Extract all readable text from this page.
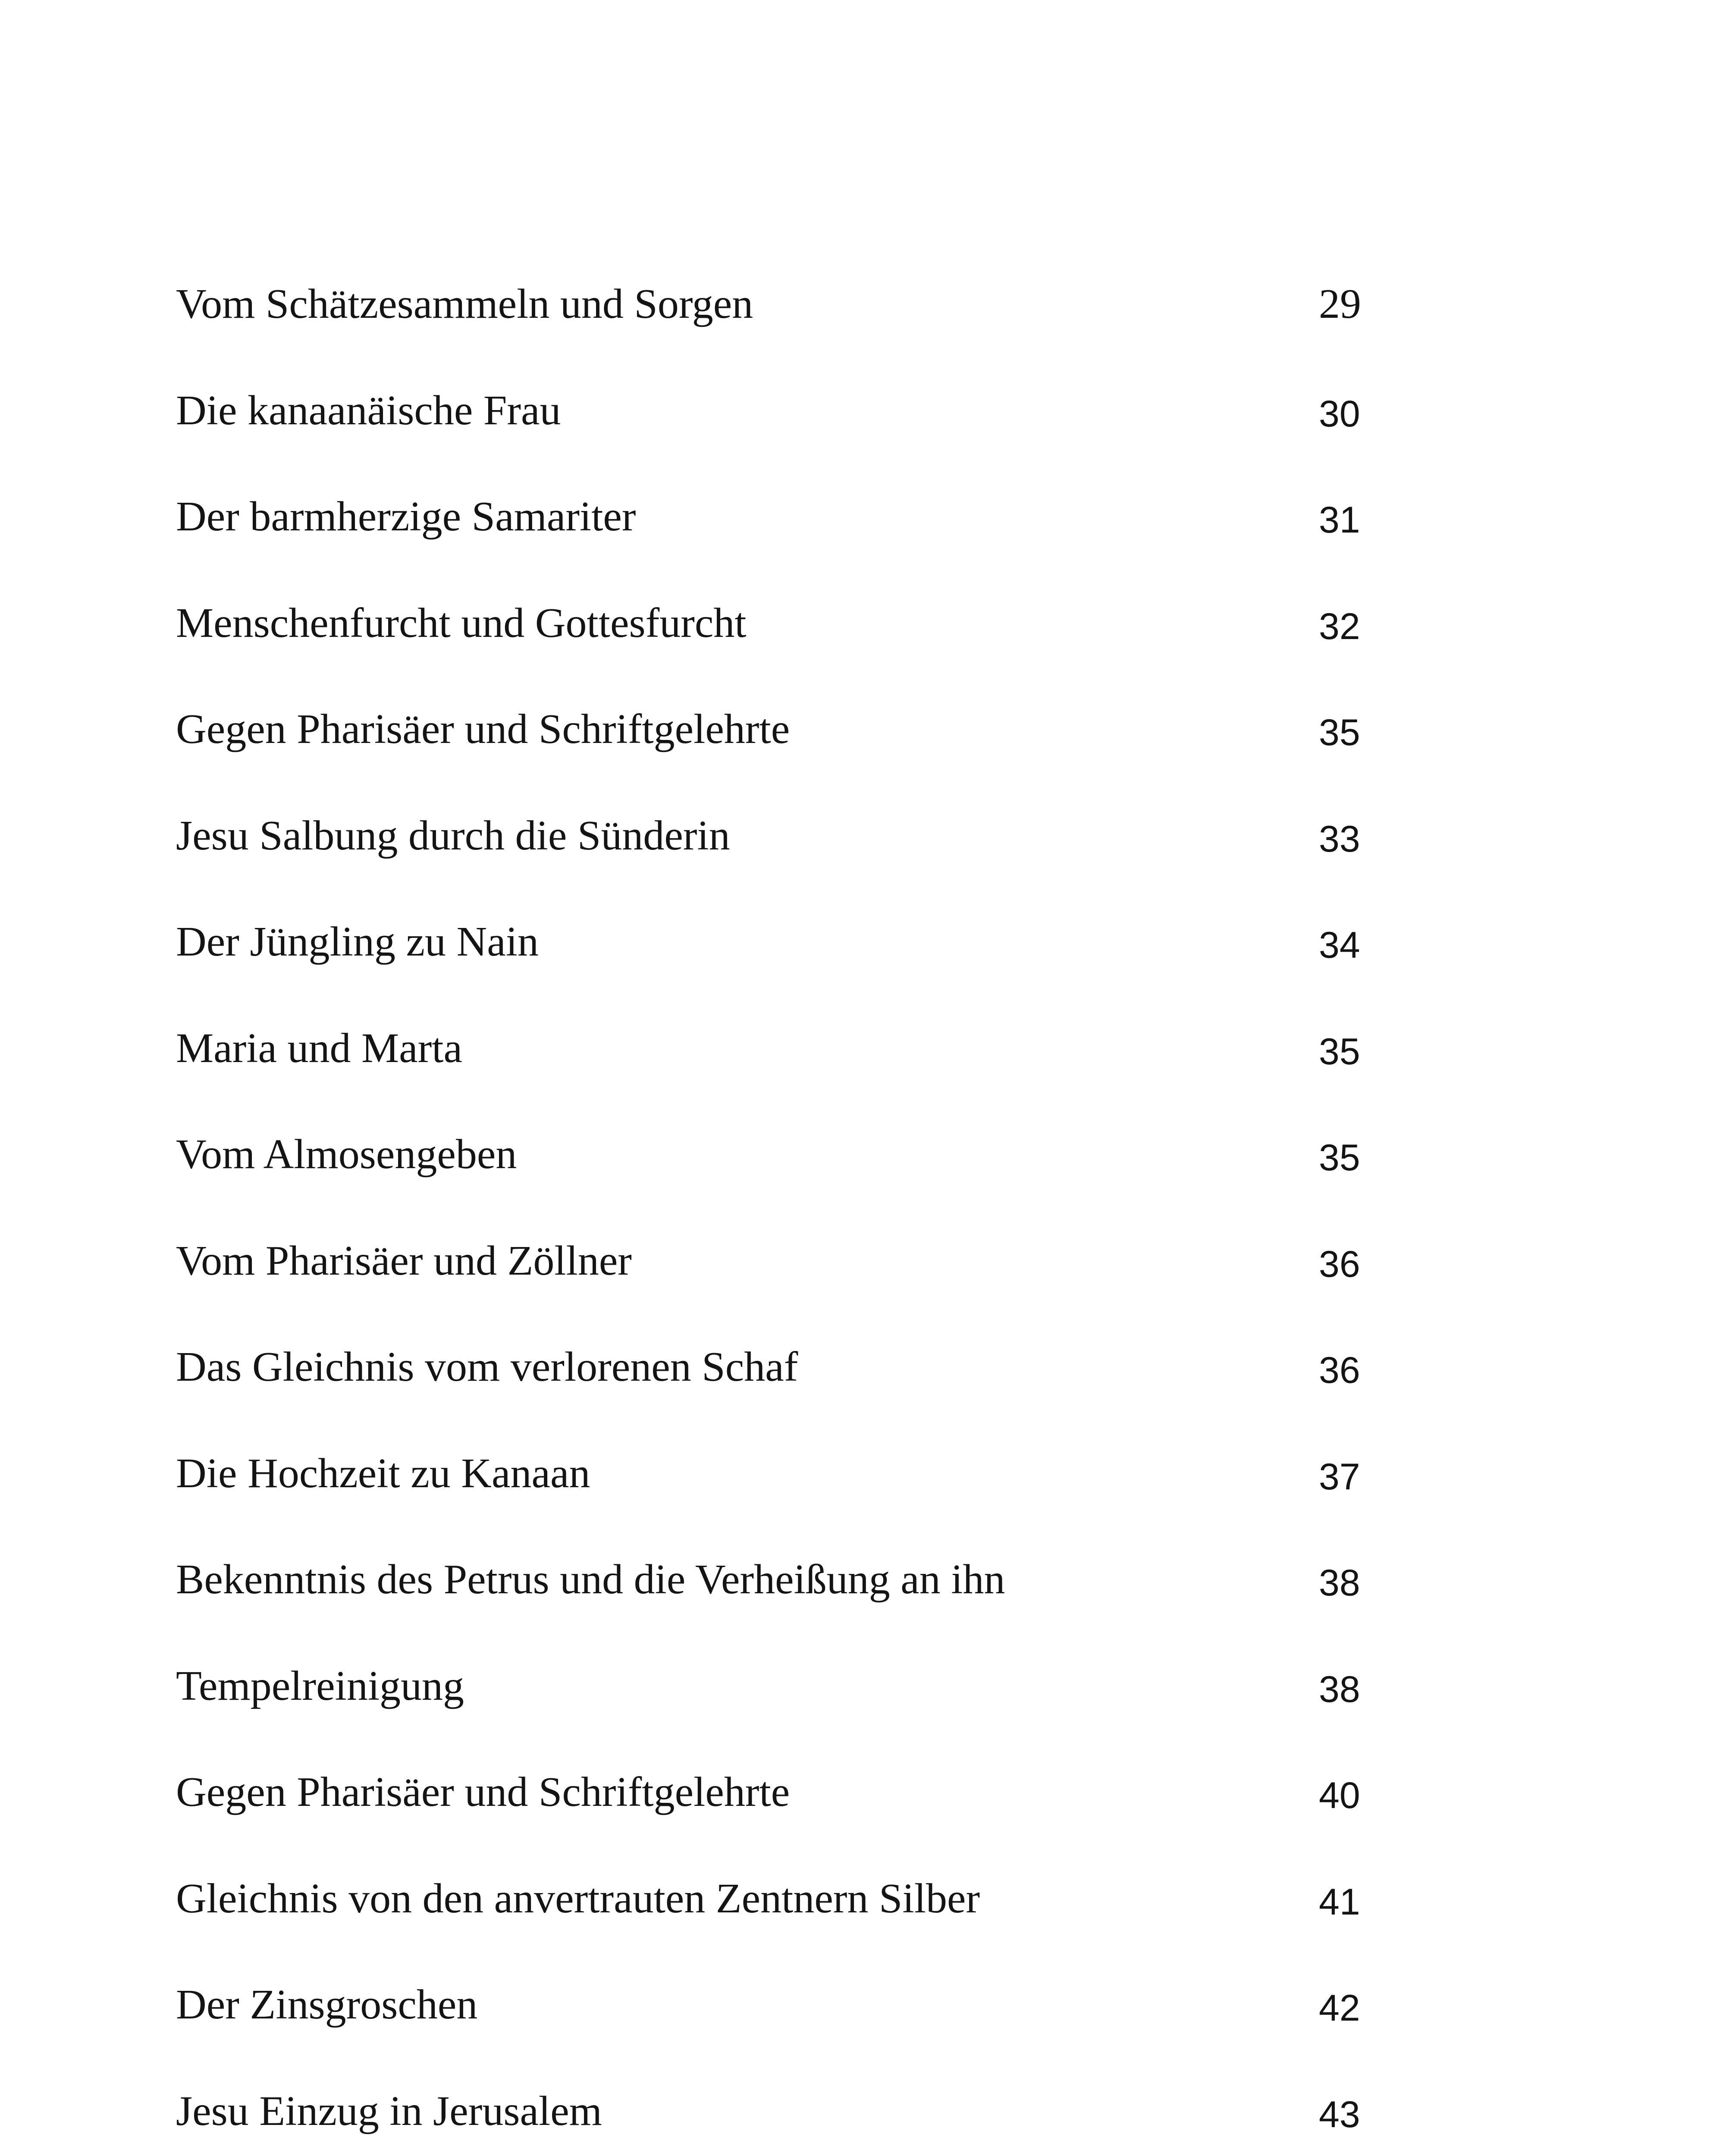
Vom Schätzesammeln und Sorgen	29
Die kanaanäische Frau	30
Der barmherzige Samariter	31
Menschenfurcht und Gottesfurcht	32
Gegen Pharisäer und Schriftgelehrte	35
Jesu Salbung durch die Sünderin	33
Der Jüngling zu Nain	34
Maria und Marta	35
Vom Almosengeben	35
Vom Pharisäer und Zöllner	36
Das Gleichnis vom verlorenen Schaf	36
Die Hochzeit zu Kanaan	37
Bekenntnis des Petrus und die Verheißung an ihn	38
Tempelreinigung	38
Gegen Pharisäer und Schriftgelehrte	40
Gleichnis von den anvertrauten Zentnern Silber	41
Der Zinsgroschen	42
Jesu Einzug in Jerusalem	43
